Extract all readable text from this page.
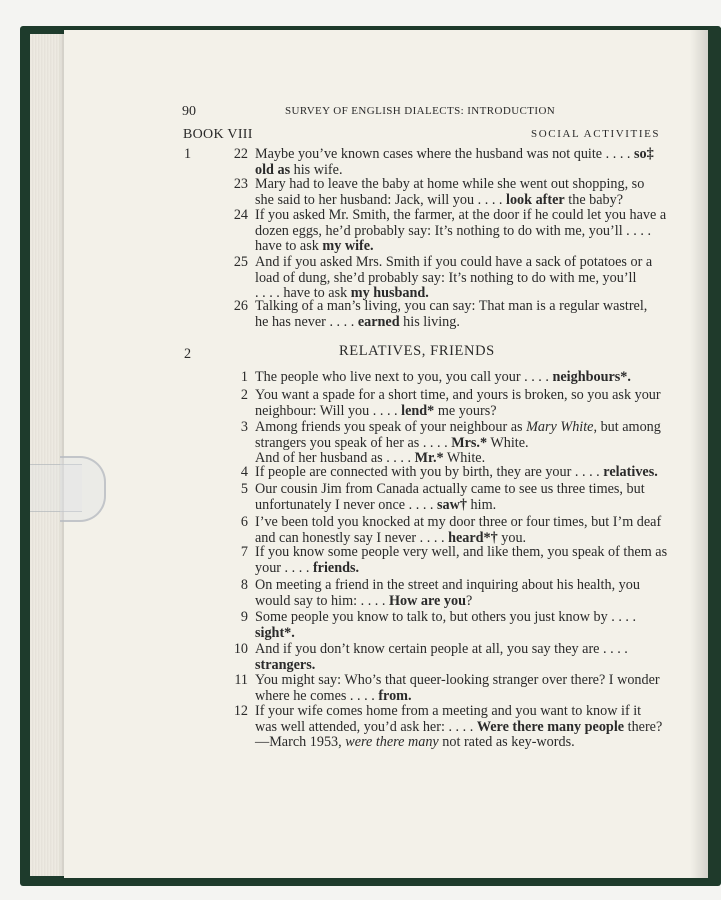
90	SURVEY OF ENGLISH DIALECTS: INTRODUCTION
BOOK VIII	SOCIAL ACTIVITIES
1	22 Maybe you’ve known cases where the husband was not quite . . . . so‡
old as his wife.
23 Mary had to leave the baby at home while she went out shopping, so
she said to her husband: Jack, will you . . . . look after the baby?
24 If you asked Mr. Smith, the farmer, at the door if he could let you have a
dozen eggs, he’d probably say: It’s nothing to do with me, you’ll . . . .
have to ask my wife.
25 And if you asked Mrs. Smith if you could have a sack of potatoes or a
load of dung, she’d probably say: It’s nothing to do with me, you’ll
. . . . have to ask my husband.
26 Talking of a man’s living, you can say: That man is a regular wastrel,
he has never . . . . earned his living.
2	RELATIVES, FRIENDS
1 The people who live next to you, you call your . . . . neighbours*.
2 You want a spade for a short time, and yours is broken, so you ask your
neighbour: Will you . . . . lend* me yours?
3 Among friends you speak of your neighbour as Mary White, but among
strangers you speak of her as . . . . Mrs.* White.
And of her husband as . . . . Mr.* White.
4 If people are connected with you by birth, they are your . . . . relatives.
5 Our cousin Jim from Canada actually came to see us three times, but
unfortunately I never once . . . . saw† him.
6 I’ve been told you knocked at my door three or four times, but I’m deaf
and can honestly say I never . . . . heard*† you.
7 If you know some people very well, and like them, you speak of them as
your . . . . friends.
8 On meeting a friend in the street and inquiring about his health, you
would say to him: . . . . How are you?
9 Some people you know to talk to, but others you just know by . . . .
sight*.
10 And if you don’t know certain people at all, you say they are . . . .
strangers.
11 You might say: Who’s that queer-looking stranger over there? I wonder
where he comes . . . . from.
12 If your wife comes home from a meeting and you want to know if it
was well attended, you’d ask her: . . . . Were there many people there?
—March 1953, were there many not rated as key-words.
